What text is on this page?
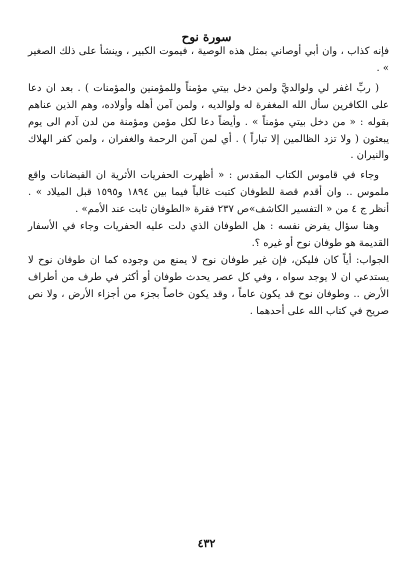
سورة نوح

فإنه كذاب ، وان أبي أوصاني بمثل هذه الوصية ، فيموت الكبير ، وينشأ على ذلك الصغير » .

( ربِّ اغفر لي ولوالديَّ ولمن دخل بيتي مؤمناً وللمؤمنين والمؤمنات ) . بعد ان دعا على الكافرين سأل الله المغفرة له ولوالديه ، ولمن آمن أهله وأولاده، وهم الذين عناهم بقوله : « من دخل بيتي مؤمناً » . وأيضاً دعا لكل مؤمن ومؤمنة من لدن آدم الى يوم يبعثون ( ولا تزد الظالمين إلا تباراً ) . أي لمن آمن الرحمة والغفران ، ولمن كفر الهلاك والنيران .

وجاء في قاموس الكتاب المقدس : « أظهرت الحفريات الأثرية ان الفيضانات واقع ملموس .. وان أقدم قصة للطوفان كتبت غالباً فيما بين ١٨٩٤ و١٥٩٥ قبل الميلاد » . أنظر ج ٤ من « التفسير الكاشف»ص ٢٣٧ فقرة «الطوفان ثابت عند الأمم» .

وهنا سؤال يفرض نفسه : هل الطوفان الذي دلت عليه الحفريات وجاء في الأسفار القديمة هو طوفان نوح أو غيره ؟.

الجواب: أياً كان فليكن، فإن غير طوفان نوح لا يمنع من وجوده كما ان طوفان نوح لا يستدعي ان لا يوجد سواه ، وفي كل عصر يحدث طوفان أو أكثر في طرف من أطراف الأرض .. وطوفان نوح قد يكون عاماً ، وقد يكون خاصاً بجزء من أجزاء الأرض ، ولا نص صريح في كتاب الله على أحدهما .

٤٣٢
